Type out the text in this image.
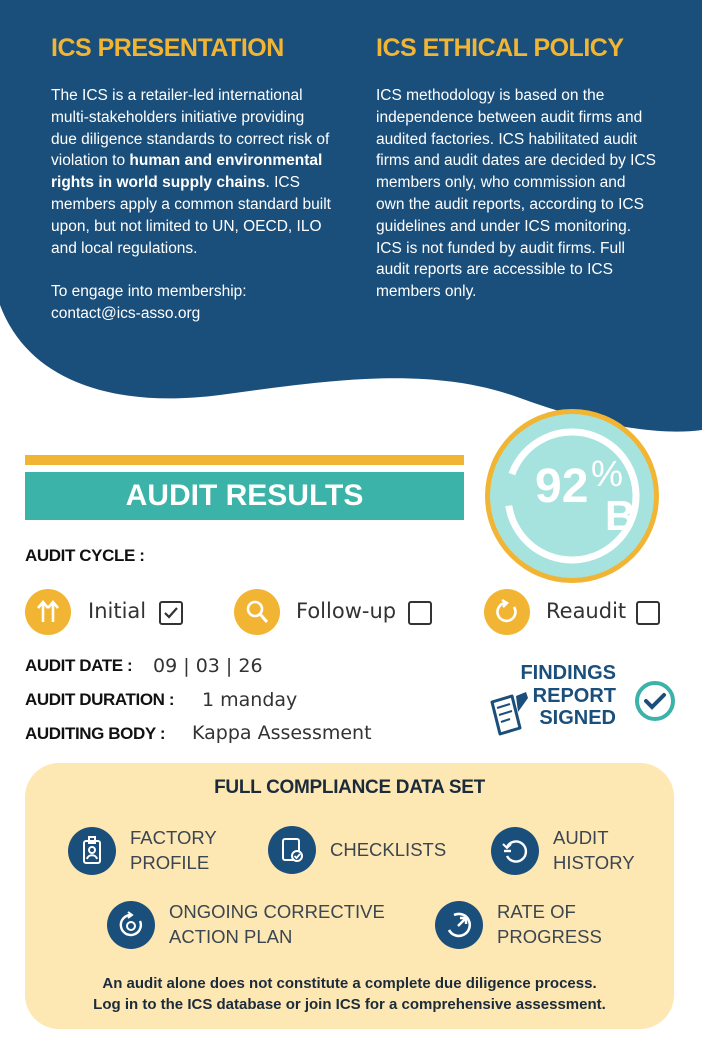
ICS PRESENTATION

The ICS is a retailer-led international multi-stakeholders initiative providing due diligence standards to correct risk of violation to human and environmental rights in world supply chains. ICS members apply a common standard built upon, but not limited to UN, OECD, ILO and local regulations.

To engage into membership:
contact@ics-asso.org

ICS ETHICAL POLICY

ICS methodology is based on the independence between audit firms and audited factories. ICS habilitated audit firms and audit dates are decided by ICS members only, who commission and own the audit reports, according to ICS guidelines and under ICS monitoring. ICS is not funded by audit firms. Full audit reports are accessible to ICS members only.

AUDIT RESULTS	92 %
B
AUDIT CYCLE :
Initial	Follow-up	Reaudit
AUDIT DATE : 09 | 03 | 26
AUDIT DURATION : 1 manday
AUDITING BODY : Kappa Assessment
FINDINGS
REPORT
SIGNED
FULL COMPLIANCE DATA SET
FACTORY
PROFILE
CHECKLISTS
AUDIT
HISTORY
ONGOING CORRECTIVE
ACTION PLAN
RATE OF
PROGRESS
An audit alone does not constitute a complete due diligence process.
Log in to the ICS database or join ICS for a comprehensive assessment.
